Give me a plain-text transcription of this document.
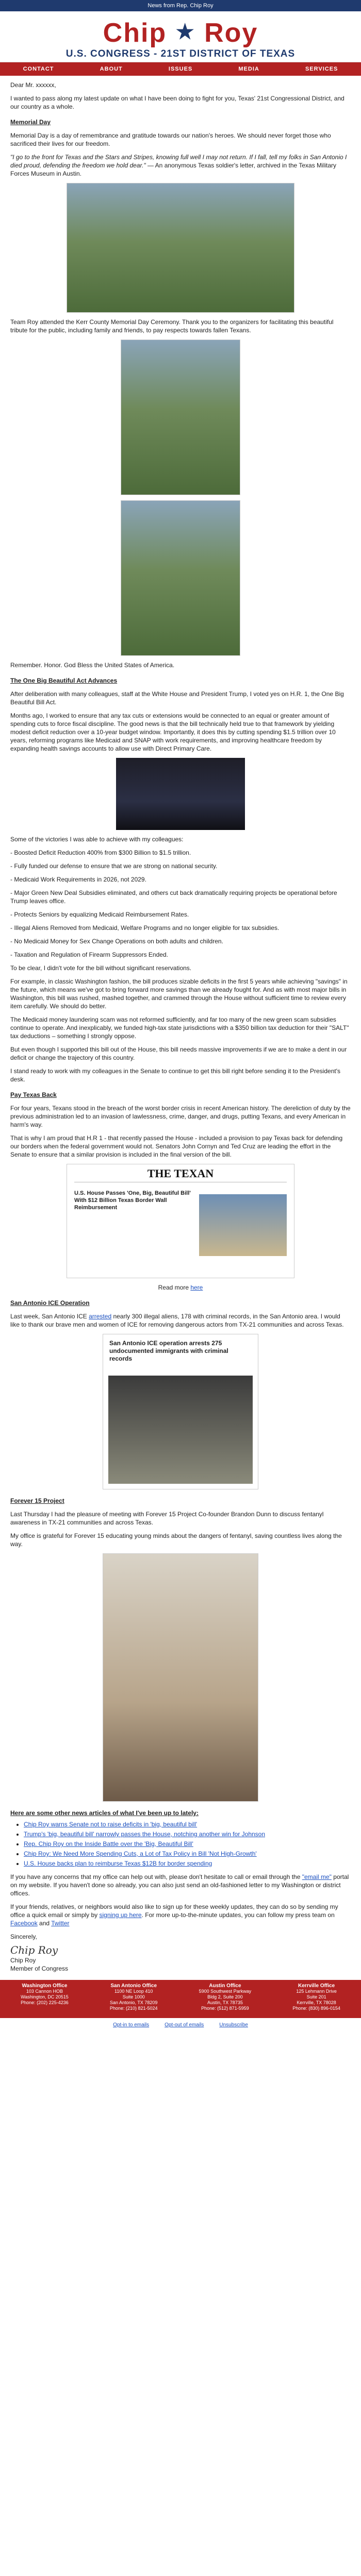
News from Rep. Chip Roy
Chip ★ Roy
U.S. CONGRESS - 21ST DISTRICT OF TEXAS
CONTACT	ABOUT	ISSUES	MEDIA	SERVICES

Dear Mr. xxxxxx,

I wanted to pass along my latest update on what I have been doing to fight for you, Texas' 21st Congressional District, and our country as a whole.

Memorial Day

Memorial Day is a day of remembrance and gratitude towards our nation's heroes. We should never forget those who sacrificed their lives for our freedom.

"I go to the front for Texas and the Stars and Stripes, knowing full well I may not return. If I fall, tell my folks in San Antonio I died proud, defending the freedom we hold dear." — An anonymous Texas soldier's letter, archived in the Texas Military Forces Museum in Austin.

Team Roy attended the Kerr County Memorial Day Ceremony. Thank you to the organizers for facilitating this beautiful tribute for the public, including family and friends, to pay respects towards fallen Texans.

Remember. Honor. God Bless the United States of America.

The One Big Beautiful Act Advances

After deliberation with many colleagues, staff at the White House and President Trump, I voted yes on H.R. 1, the One Big Beautiful Bill Act.

Months ago, I worked to ensure that any tax cuts or extensions would be connected to an equal or greater amount of spending cuts to force fiscal discipline. The good news is that the bill technically held true to that framework by yielding modest deficit reduction over a 10-year budget window. Importantly, it does this by cutting spending $1.5 trillion over 10 years, reforming programs like Medicaid and SNAP with work requirements, and improving healthcare freedom by expanding health savings accounts to allow use with Direct Primary Care.

Some of the victories I was able to achieve with my colleagues:

- Boosted Deficit Reduction 400% from $300 Billion to $1.5 trillion.

- Fully funded our defense to ensure that we are strong on national security.

- Medicaid Work Requirements in 2026, not 2029.

- Major Green New Deal Subsidies eliminated, and others cut back dramatically requiring projects be operational before Trump leaves office.

- Protects Seniors by equalizing Medicaid Reimbursement Rates.

- Illegal Aliens Removed from Medicaid, Welfare Programs and no longer eligible for tax subsidies.

- No Medicaid Money for Sex Change Operations on both adults and children.

- Taxation and Regulation of Firearm Suppressors Ended.

To be clear, I didn't vote for the bill without significant reservations.

For example, in classic Washington fashion, the bill produces sizable deficits in the first 5 years while achieving "savings" in the future, which means we've got to bring forward more savings than we already fought for. And as with most major bills in Washington, this bill was rushed, mashed together, and crammed through the House without sufficient time to review every item carefully. We should do better.

The Medicaid money laundering scam was not reformed sufficiently, and far too many of the new green scam subsidies continue to operate. And inexplicably, we funded high-tax state jurisdictions with a $350 billion tax deduction for their "SALT" tax deductions – something I strongly oppose.

But even though I supported this bill out of the House, this bill needs massive improvements if we are to make a dent in our deficit or change the trajectory of this country.

I stand ready to work with my colleagues in the Senate to continue to get this bill right before sending it to the President's desk.

Pay Texas Back

For four years, Texans stood in the breach of the worst border crisis in recent American history. The dereliction of duty by the previous administration led to an invasion of lawlessness, crime, danger, and drugs, putting Texans, and every American in harm's way.

That is why I am proud that H.R 1 - that recently passed the House - included a provision to pay Texas back for defending our borders when the federal government would not. Senators John Cornyn and Ted Cruz are leading the effort in the Senate to ensure that a similar provision is included in the final version of the bill.

THE TEXAN
U.S. House Passes 'One, Big, Beautiful Bill' With $12 Billion Texas Border Wall Reimbursement

Read more here

San Antonio ICE Operation

Last week, San Antonio ICE arrested nearly 300 illegal aliens, 178 with criminal records, in the San Antonio area. I would like to thank our brave men and women of ICE for removing dangerous actors from TX-21 communities and across Texas.

San Antonio ICE operation arrests 275 undocumented immigrants with criminal records
Forever 15 Project

Last Thursday I had the pleasure of meeting with Forever 15 Project Co-founder Brandon Dunn to discuss fentanyl awareness in TX-21 communities and across Texas.

My office is grateful for Forever 15 educating young minds about the dangers of fentanyl, saving countless lives along the way.

Here are some other news articles of what I've been up to lately:
• Chip Roy warns Senate not to raise deficits in 'big, beautiful bill'
• Trump's 'big, beautiful bill' narrowly passes the House, notching another win for Johnson
• Rep. Chip Roy on the Inside Battle over the 'Big, Beautiful Bill'
• Chip Roy: We Need More Spending Cuts, a Lot of Tax Policy in Bill 'Not High-Growth'
• U.S. House backs plan to reimburse Texas $12B for border spending

If you have any concerns that my office can help out with, please don't hesitate to call or email through the "email me" portal on my website. If you haven't done so already, you can also just send an old-fashioned letter to my Washington or district offices.

If your friends, relatives, or neighbors would also like to sign up for these weekly updates, they can do so by sending my office a quick email or simply by signing up here. For more up-to-the-minute updates, you can follow my press team on Facebook and Twitter

Sincerely,

Chip Roy
Chip Roy
Member of Congress
Washington Office
103 Cannon HOB
Washington, DC 20515
Phone: (202) 225-4236
San Antonio Office
1100 NE Loop 410
Suite 1000
San Antonio, TX 78209
Phone: (210) 821-5024
Austin Office
5900 Southwest Parkway
Bldg 2, Suite 200
Austin, TX 78735
Phone: (512) 871-5959
Kerrville Office
125 Lehmann Drive
Suite 201
Kerrville, TX 78028
Phone: (830) 896-0154
Opt-in to emails	Opt-out of emails	Unsubscribe
